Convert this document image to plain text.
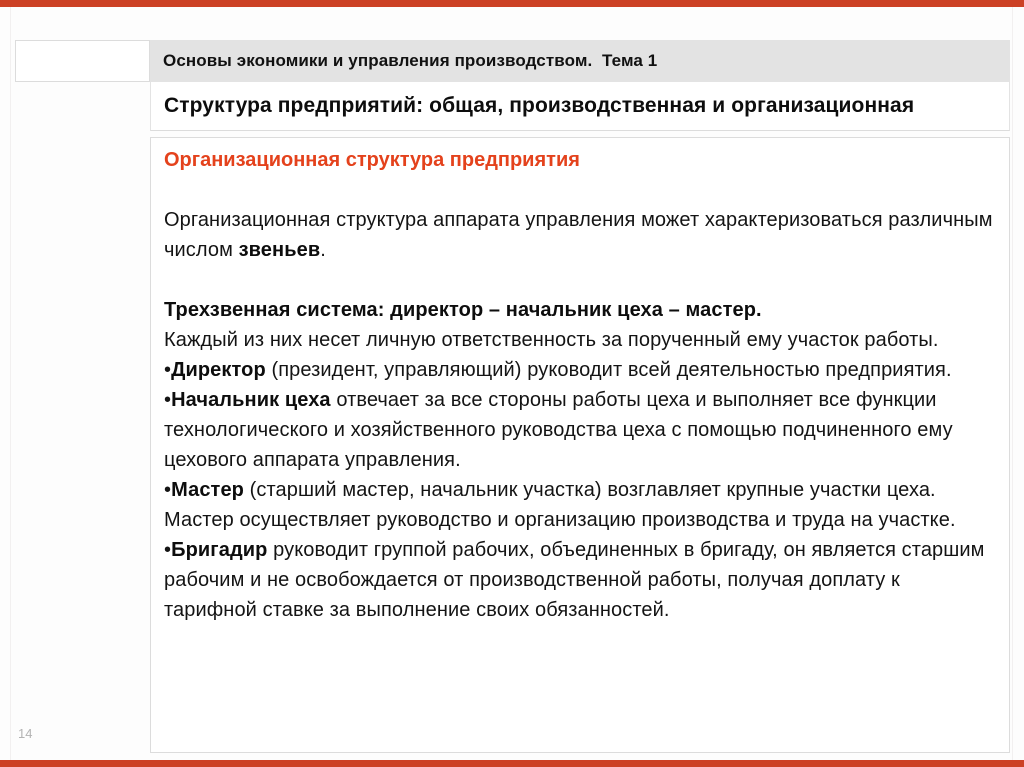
Основы экономики и управления производством.  Тема 1
Структура предприятий: общая, производственная и организационная
Организационная структура предприятия
Организационная структура аппарата управления может характеризоваться различным числом звеньев.
Трехзвенная система: директор – начальник цеха – мастер.
Каждый из них несет личную ответственность за порученный ему участок работы.
•Директор (президент, управляющий) руководит всей деятельностью предприятия.
•Начальник цеха отвечает за все стороны работы цеха и выполняет все функции технологического и хозяйственного руководства цеха с помощью подчиненного ему цехового аппарата управления.
•Мастер (старший мастер, начальник участка) возглавляет крупные участки цеха. Мастер осуществляет руководство и организацию производства и труда на участке.
•Бригадир руководит группой рабочих, объединенных в бригаду, он является старшим рабочим и не освобождается от производственной работы, получая доплату к тарифной ставке за выполнение своих обязанностей.
14
